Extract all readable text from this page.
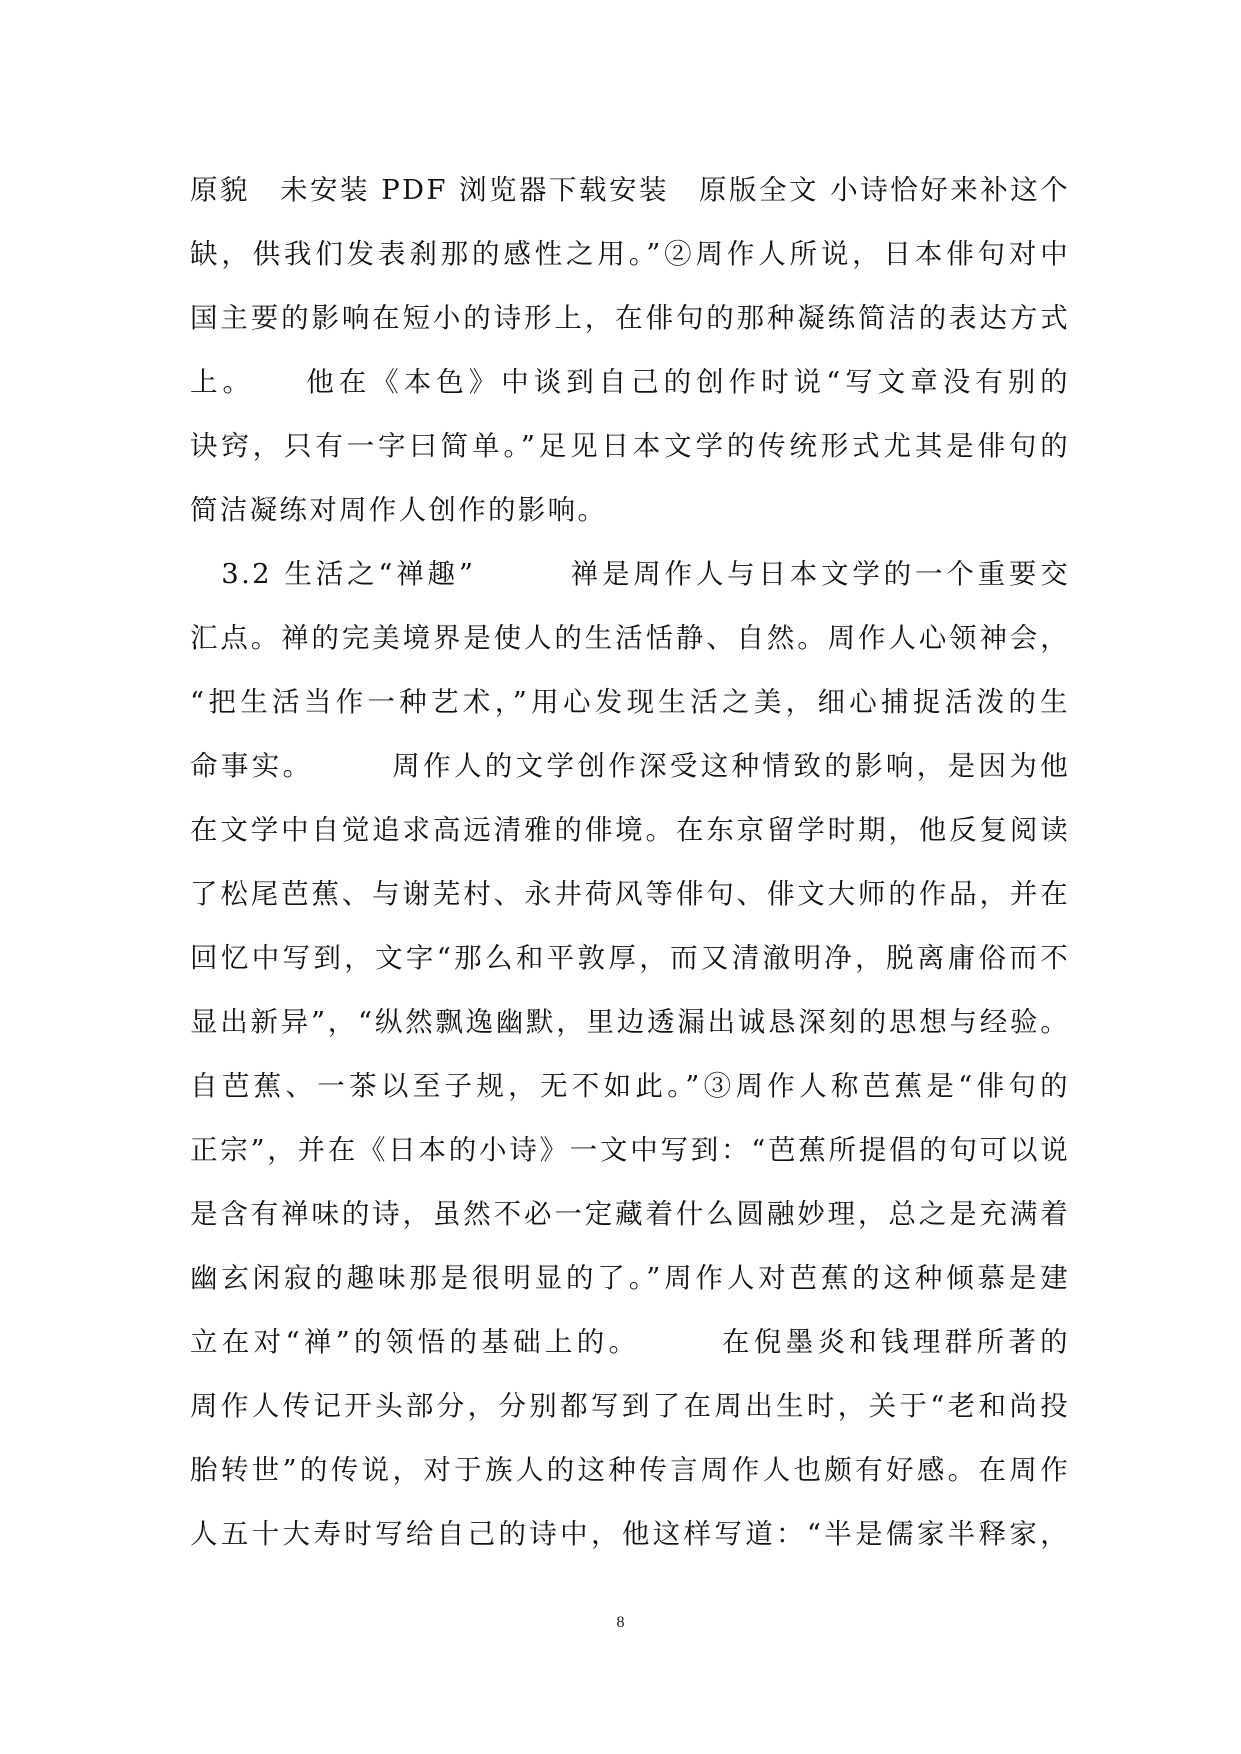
原貌　未安装 PDF 浏览器下载安装　原版全文 小诗恰好来补这个
缺，供我们发表刹那的感性之用。”②周作人所说，日本俳句对中
国主要的影响在短小的诗形上，在俳句的那种凝练简洁的表达方式
上。　　他在《本色》中谈到自己的创作时说“写文章没有别的
诀窍，只有一字曰简单。”足见日本文学的传统形式尤其是俳句的
简洁凝练对周作人创作的影响。
　3.2 生活之“禅趣”　　　禅是周作人与日本文学的一个重要交
汇点。禅的完美境界是使人的生活恬静、自然。周作人心领神会，
“把生活当作一种艺术，”用心发现生活之美，细心捕捉活泼的生
命事实。　　　周作人的文学创作深受这种情致的影响，是因为他
在文学中自觉追求高远清雅的俳境。在东京留学时期，他反复阅读
了松尾芭蕉、与谢芜村、永井荷风等俳句、俳文大师的作品，并在
回忆中写到，文字“那么和平敦厚，而又清澈明净，脱离庸俗而不
显出新异”，“纵然飘逸幽默，里边透漏出诚恳深刻的思想与经验。
自芭蕉、一茶以至子规，无不如此。”③周作人称芭蕉是“俳句的
正宗”，并在《日本的小诗》一文中写到：“芭蕉所提倡的句可以说
是含有禅味的诗，虽然不必一定藏着什么圆融妙理，总之是充满着
幽玄闲寂的趣味那是很明显的了。”周作人对芭蕉的这种倾慕是建
立在对“禅”的领悟的基础上的。　　　在倪墨炎和钱理群所著的
周作人传记开头部分，分别都写到了在周出生时，关于“老和尚投
胎转世”的传说，对于族人的这种传言周作人也颇有好感。在周作
人五十大寿时写给自己的诗中，他这样写道：“半是儒家半释家，
8
